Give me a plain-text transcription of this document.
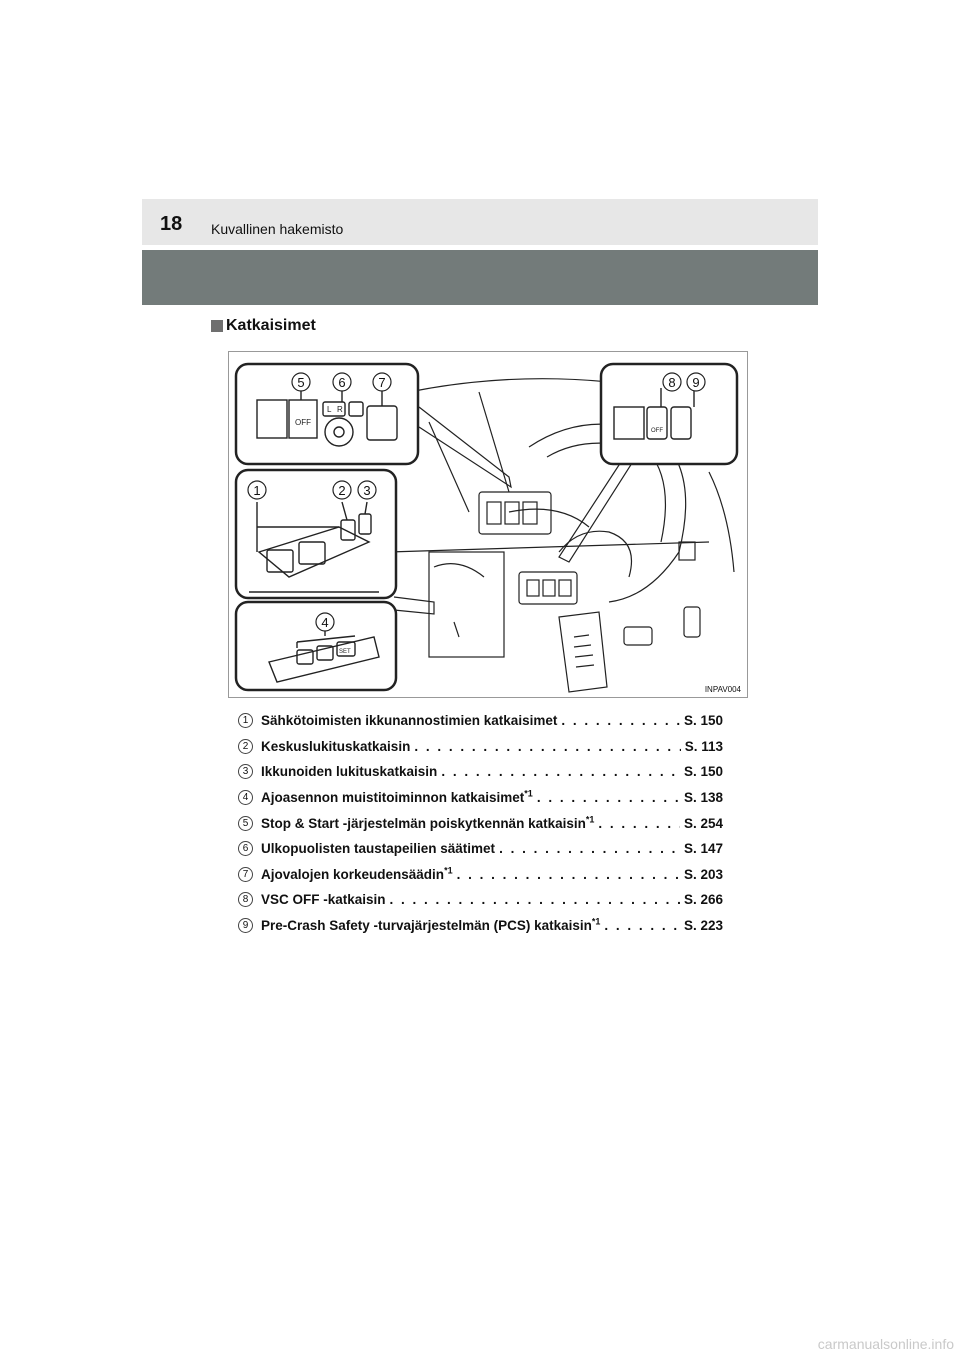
18 Kuvallinen hakemisto
Katkaisimet
OFF
L R
OFF
SET
5	6	7	8 9
1	2 3
4
INPAV004
1 Sähkötoimisten ikkunannostimien katkaisimet . . .	S. 150
2 Keskuslukituskatkaisin . . .	S. 113
3 Ikkunoiden lukituskatkaisin . . .	S. 150
4 Ajoasennon muistitoiminnon katkaisimet$^{*1}$ . . .	S. 138
5 Stop & Start -järjestelmän poiskytkennän katkaisin$^{*1}$ . . .	S. 254
6 Ulkopuolisten taustapeilien säätimet . . .	S. 147
7 Ajovalojen korkeudensäädin$^{*1}$ . . .	S. 203
8 VSC OFF -katkaisin . . .	S. 266
9 Pre-Crash Safety -turvajärjestelmän (PCS) katkaisin$^{*1}$ . . .	S. 223
carmanualsonline.info
